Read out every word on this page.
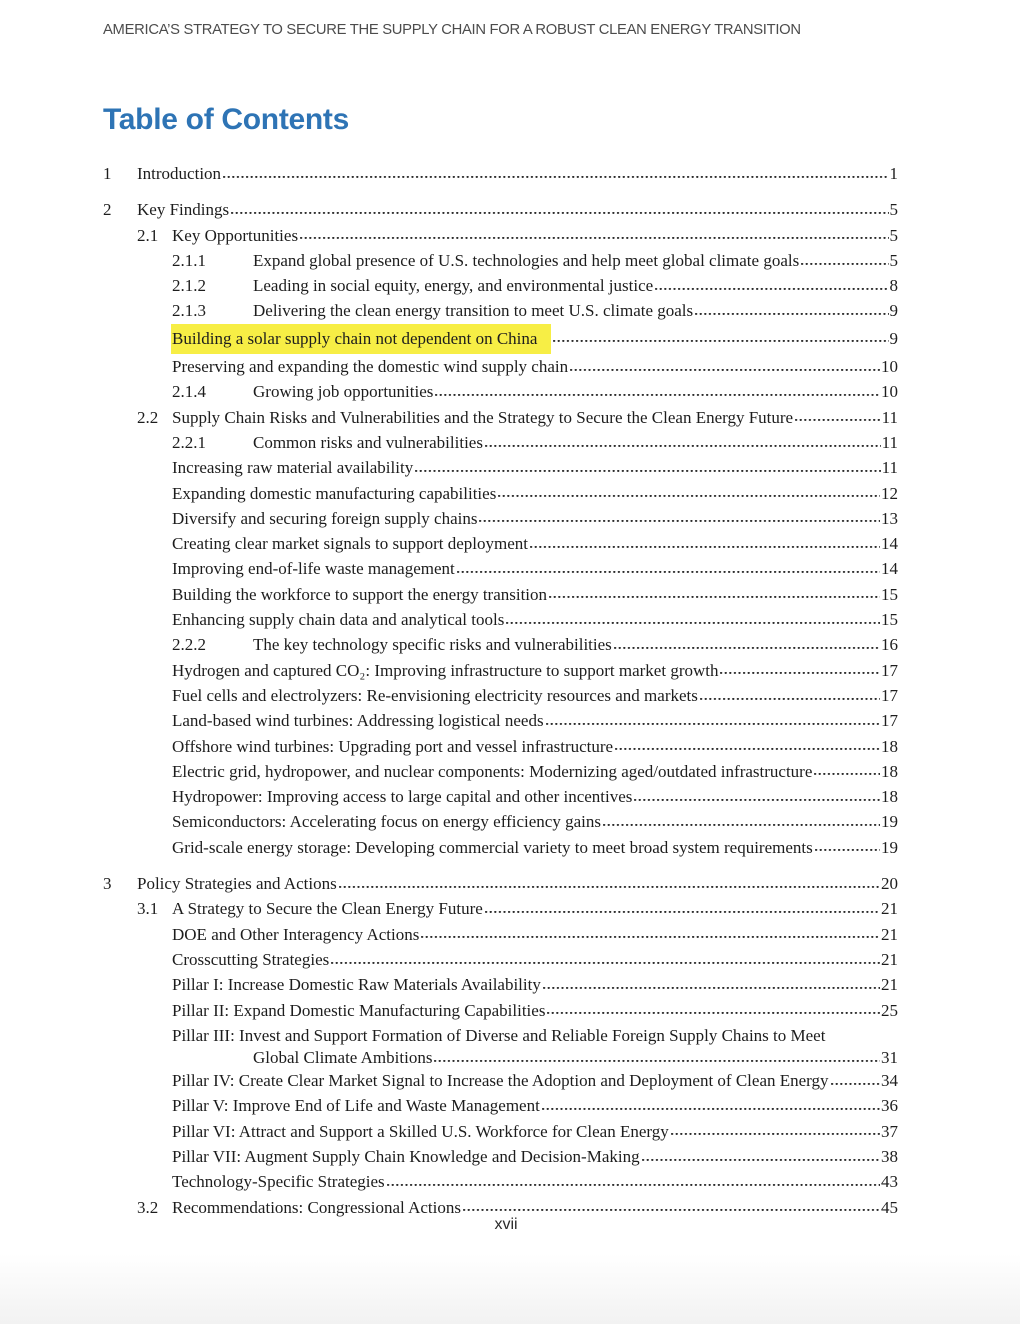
AMERICA’S STRATEGY TO SECURE THE SUPPLY CHAIN FOR A ROBUST CLEAN ENERGY TRANSITION
Table of Contents
1	Introduction	1
2	Key Findings	5
2.1 Key Opportunities	5
2.1.1	Expand global presence of U.S. technologies and help meet global climate goals	5
2.1.2	Leading in social equity, energy, and environmental justice	8
2.1.3	Delivering the clean energy transition to meet U.S. climate goals	9
Building a solar supply chain not dependent on China	9
Preserving and expanding the domestic wind supply chain	10
2.1.4	Growing job opportunities	10
2.2 Supply Chain Risks and Vulnerabilities and the Strategy to Secure the Clean Energy Future	11
2.2.1	Common risks and vulnerabilities	11
Increasing raw material availability	11
Expanding domestic manufacturing capabilities	12
Diversify and securing foreign supply chains	13
Creating clear market signals to support deployment	14
Improving end-of-life waste management	14
Building the workforce to support the energy transition	15
Enhancing supply chain data and analytical tools	15
2.2.2	The key technology specific risks and vulnerabilities	16
Hydrogen and captured CO₂: Improving infrastructure to support market growth	17
Fuel cells and electrolyzers: Re-envisioning electricity resources and markets	17
Land-based wind turbines: Addressing logistical needs	17
Offshore wind turbines: Upgrading port and vessel infrastructure	18
Electric grid, hydropower, and nuclear components: Modernizing aged/outdated infrastructure	18
Hydropower: Improving access to large capital and other incentives	18
Semiconductors: Accelerating focus on energy efficiency gains	19
Grid-scale energy storage: Developing commercial variety to meet broad system requirements	19
3	Policy Strategies and Actions	20
3.1 A Strategy to Secure the Clean Energy Future	21
DOE and Other Interagency Actions	21
Crosscutting Strategies	21
Pillar I: Increase Domestic Raw Materials Availability	21
Pillar II: Expand Domestic Manufacturing Capabilities	25
Pillar III: Invest and Support Formation of Diverse and Reliable Foreign Supply Chains to Meet
Global Climate Ambitions	31
Pillar IV: Create Clear Market Signal to Increase the Adoption and Deployment of Clean Energy	34
Pillar V: Improve End of Life and Waste Management	36
Pillar VI: Attract and Support a Skilled U.S. Workforce for Clean Energy	37
Pillar VII: Augment Supply Chain Knowledge and Decision-Making	38
Technology-Specific Strategies	43
3.2 Recommendations: Congressional Actions	45
xvii
